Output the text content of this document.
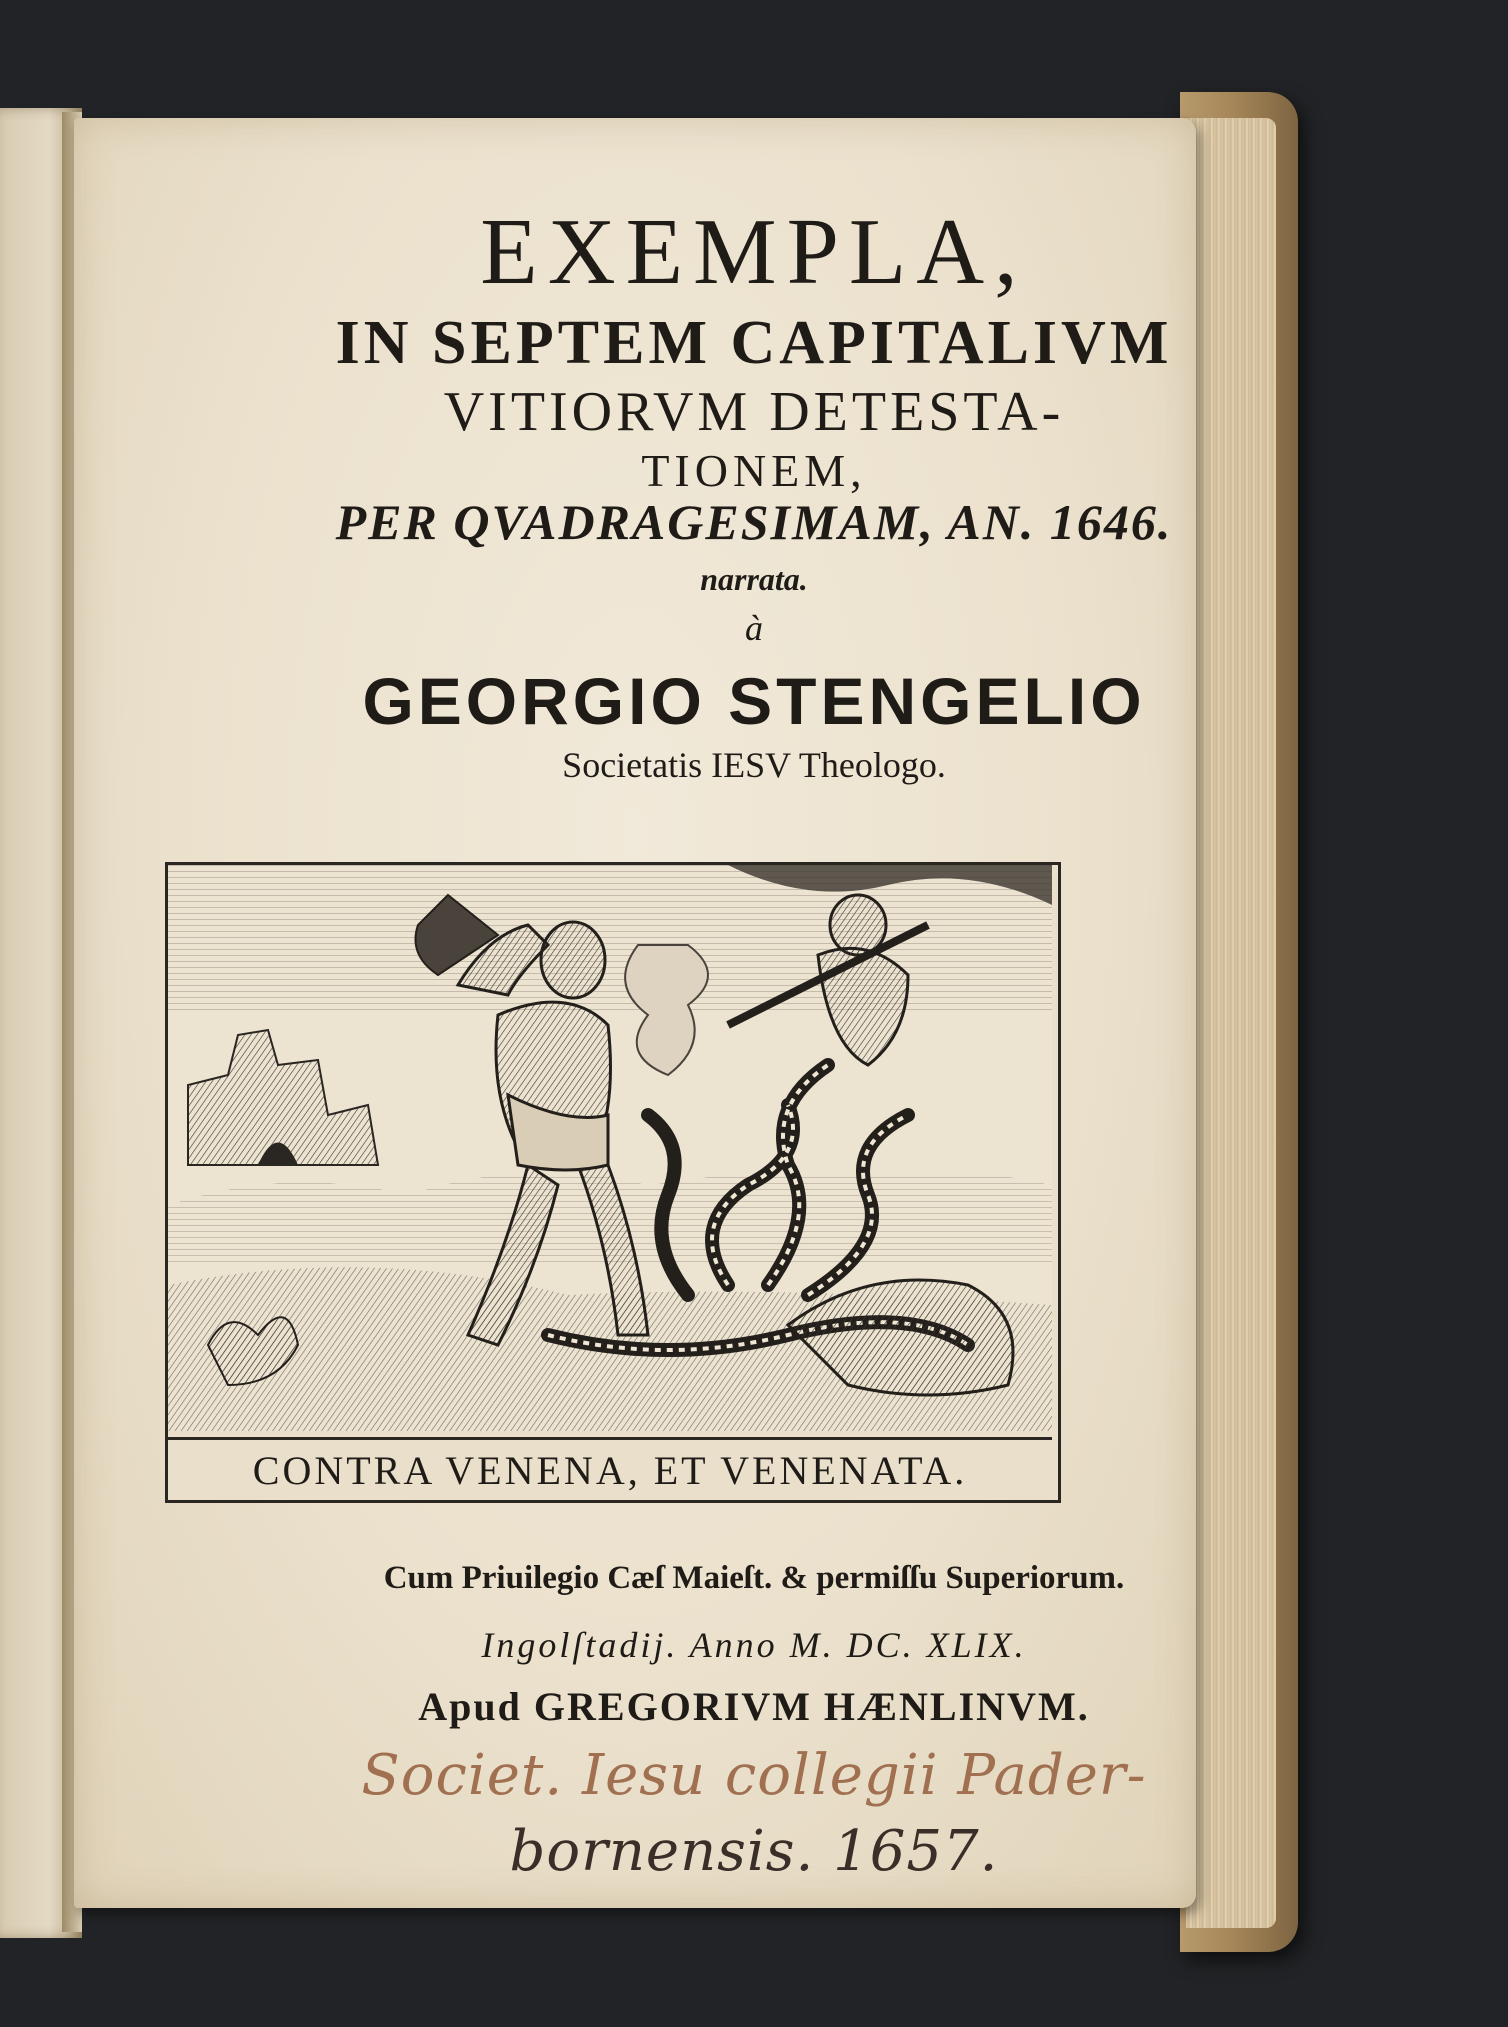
EXEMPLA,
IN SEPTEM CAPITALIVM
VITIORVM DETESTA-
TIONEM,
PER QVADRAGESIMAM, AN. 1646.
narrata.
à
GEORGIO STENGELIO
Societatis IESV Theologo.
CONTRA VENENA, ET VENENATA.
Cum Priuilegio Cæſ Maieſt. & permiſſu Superiorum.
Ingolſtadij. Anno M. DC. XLIX.
Apud GREGORIVM HÆNLINVM.
Societ. Iesu collegii Pader-
bornensis. 1657.
